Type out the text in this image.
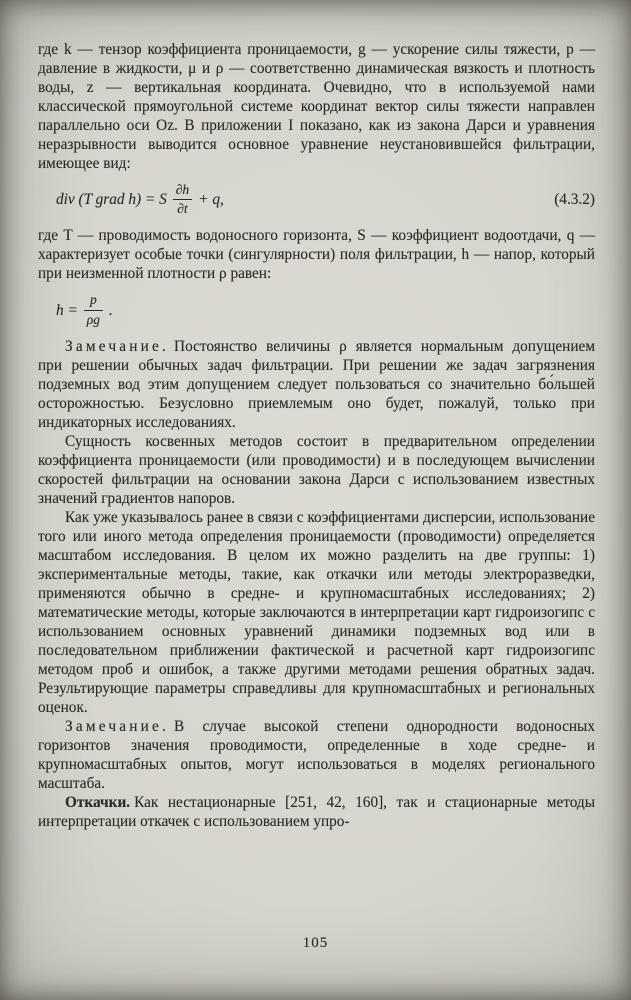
где k — тензор коэффициента проницаемости, g — ускорение силы тяжести, p — давление в жидкости, μ и ρ — соответственно динамическая вязкость и плотность воды, z — вертикальная координата. Очевидно, что в используемой нами классической прямоугольной системе координат вектор силы тяжести направлен параллельно оси Oz. В приложении I показано, как из закона Дарси и уравнения неразрывности выводится основное уравнение неустановившейся фильтрации, имеющее вид:

div (T grad h) = S $\frac{\partial h}{\partial t} + q$,	(4.3.2)

где T — проводимость водоносного горизонта, S — коэффициент водоотдачи, q — характеризует особые точки (сингулярности) поля фильтрации, h — напор, который при неизменной плотности ρ равен:

$h = \frac{p}{\rho g}$ .

Замечание. Постоянство величины ρ является нормальным допущением при решении обычных задач фильтрации. При решении же задач загрязнения подземных вод этим допущением следует пользоваться со значительно бо́льшей осторожностью. Безусловно приемлемым оно будет, пожалуй, только при индикаторных исследованиях.

Сущность косвенных методов состоит в предварительном определении коэффициента проницаемости (или проводимости) и в последующем вычислении скоростей фильтрации на основании закона Дарси с использованием известных значений градиентов напоров.

Как уже указывалось ранее в связи с коэффициентами дисперсии, использование того или иного метода определения проницаемости (проводимости) определяется масштабом исследования. В целом их можно разделить на две группы: 1) экспериментальные методы, такие, как откачки или методы электроразведки, применяются обычно в средне- и крупномасштабных исследованиях; 2) математические методы, которые заключаются в интерпретации карт гидроизогипс с использованием основных уравнений динамики подземных вод или в последовательном приближении фактической и расчетной карт гидроизогипс методом проб и ошибок, а также другими методами решения обратных задач. Результирующие параметры справедливы для крупномасштабных и региональных оценок.

Замечание. В случае высокой степени однородности водоносных горизонтов значения проводимости, определенные в ходе средне- и крупномасштабных опытов, могут использоваться в моделях регионального масштаба.

Откачки. Как нестационарные [251, 42, 160], так и стационарные методы интерпретации откачек с использованием упро-

105
